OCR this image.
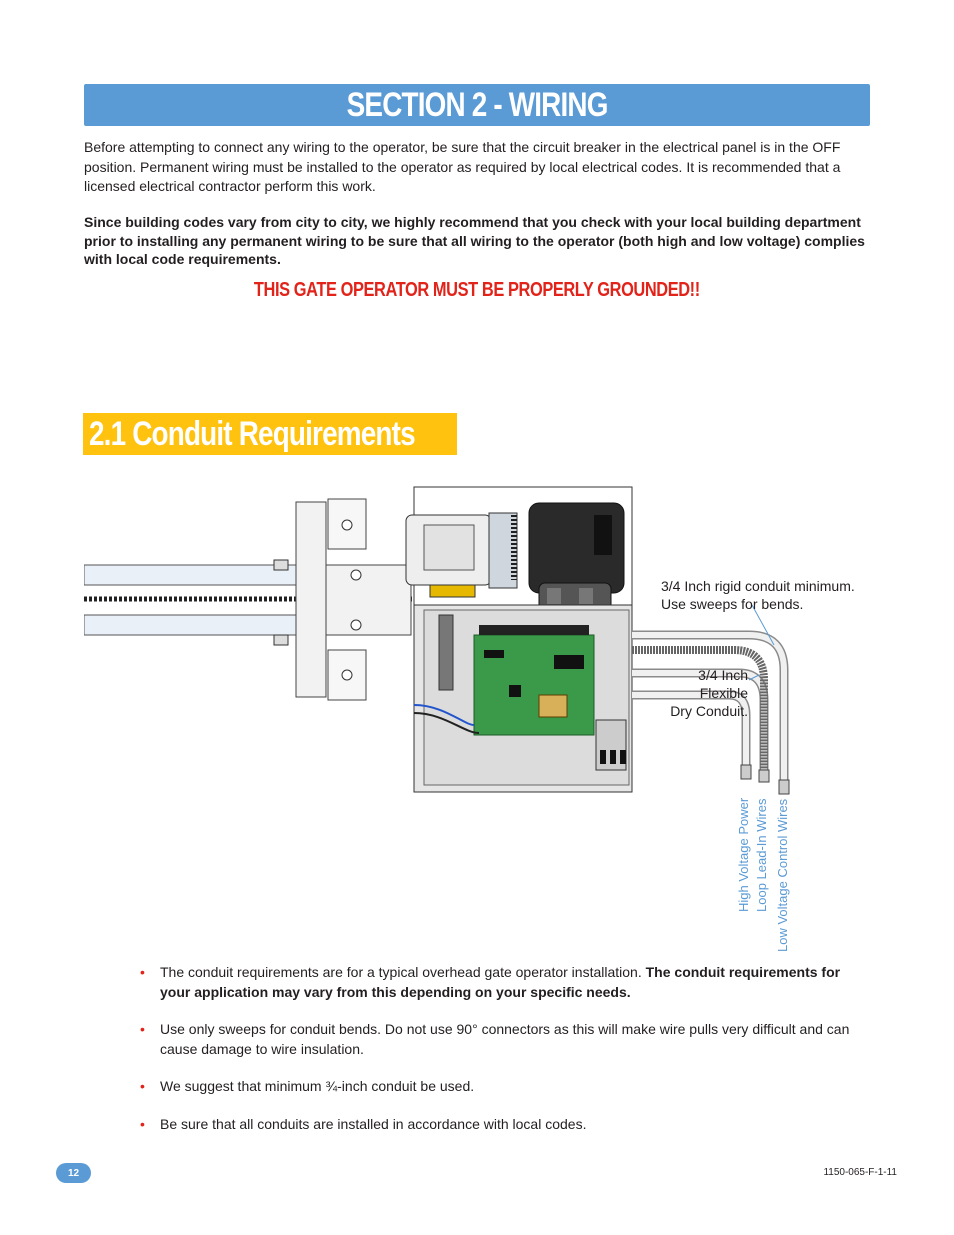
SECTION 2 - WIRING

Before attempting to connect any wiring to the operator, be sure that the circuit breaker in the electrical panel is in the OFF position. Permanent wiring must be installed to the operator as required by local electrical codes. It is recommended that a licensed electrical contractor perform this work.

Since building codes vary from city to city, we highly recommend that you check with your local building department prior to installing any permanent wiring to be sure that all wiring to the operator (both high and low voltage) complies with local code requirements.

THIS GATE OPERATOR MUST BE PROPERLY GROUNDED!!
2.1 Conduit Requirements
3/4 Inch rigid conduit minimum.
Use sweeps for bends.
3/4 Inch Flexible
Dry Conduit.
High Voltage Power Loop Lead-In Wires Low Voltage Control Wires
• The conduit requirements are for a typical overhead gate operator installation. The conduit requirements for your application may vary from this depending on your specific needs.
• Use only sweeps for conduit bends. Do not use 90° connectors as this will make wire pulls very difficult and can cause damage to wire insulation.
• We suggest that minimum ¾-inch conduit be used.
• Be sure that all conduits are installed in accordance with local codes.
12	1150-065-F-1-11
